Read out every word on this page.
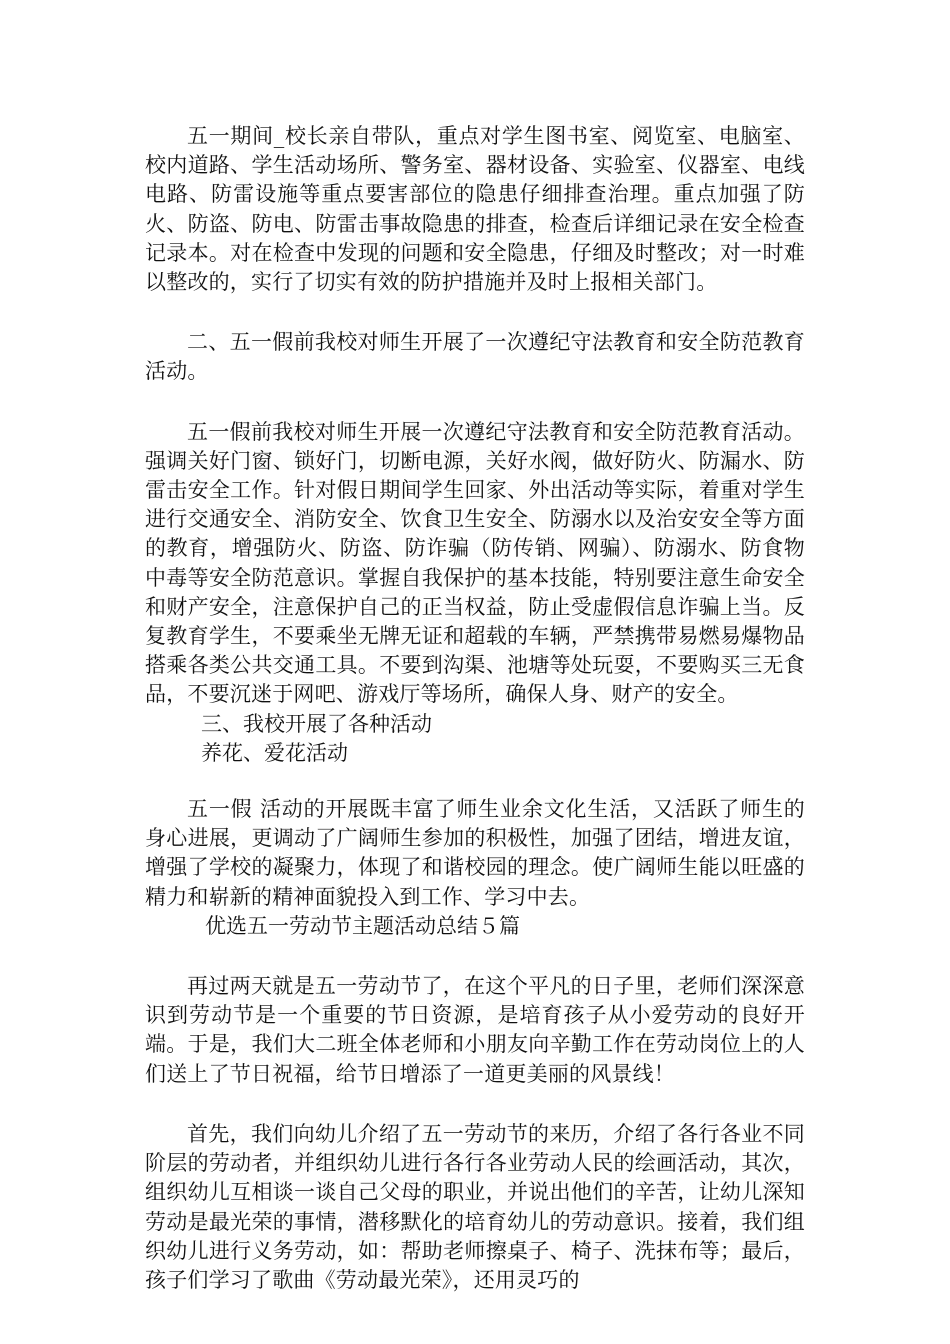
五一期间_校长亲自带队，重点对学生图书室、阅览室、电脑室、校内道路、学生活动场所、警务室、器材设备、实验室、仪器室、电线电路、防雷设施等重点要害部位的隐患仔细排查治理。重点加强了防火、防盗、防电、防雷击事故隐患的排查，检查后详细记录在安全检查记录本。对在检查中发现的问题和安全隐患，仔细及时整改；对一时难以整改的，实行了切实有效的防护措施并及时上报相关部门。

二、五一假前我校对师生开展了一次遵纪守法教育和安全防范教育活动。

五一假前我校对师生开展一次遵纪守法教育和安全防范教育活动。强调关好门窗、锁好门，切断电源，关好水阀，做好防火、防漏水、防雷击安全工作。针对假日期间学生回家、外出活动等实际，着重对学生进行交通安全、消防安全、饮食卫生安全、防溺水以及治安安全等方面的教育，增强防火、防盗、防诈骗（防传销、网骗）、防溺水、防食物中毒等安全防范意识。掌握自我保护的基本技能，特别要注意生命安全和财产安全，注意保护自己的正当权益，防止受虚假信息诈骗上当。反复教育学生，不要乘坐无牌无证和超载的车辆，严禁携带易燃易爆物品搭乘各类公共交通工具。不要到沟渠、池塘等处玩耍，不要购买三无食品，不要沉迷于网吧、游戏厅等场所，确保人身、财产的安全。

三、我校开展了各种活动

养花、爱花活动

五一假 活动的开展既丰富了师生业余文化生活，又活跃了师生的身心进展，更调动了广阔师生参加的积极性，加强了团结，增进友谊，增强了学校的凝聚力，体现了和谐校园的理念。使广阔师生能以旺盛的精力和崭新的精神面貌投入到工作、学习中去。

优选五一劳动节主题活动总结５篇

再过两天就是五一劳动节了，在这个平凡的日子里，老师们深深意识到劳动节是一个重要的节日资源，是培育孩子从小爱劳动的良好开端。于是，我们大二班全体老师和小朋友向辛勤工作在劳动岗位上的人们送上了节日祝福，给节日增添了一道更美丽的风景线！

首先，我们向幼儿介绍了五一劳动节的来历，介绍了各行各业不同阶层的劳动者，并组织幼儿进行各行各业劳动人民的绘画活动，其次，组织幼儿互相谈一谈自己父母的职业，并说出他们的辛苦，让幼儿深知劳动是最光荣的事情，潜移默化的培育幼儿的劳动意识。接着，我们组织幼儿进行义务劳动，如：帮助老师擦桌子、椅子、洗抹布等；最后，孩子们学习了歌曲《劳动最光荣》，还用灵巧的
